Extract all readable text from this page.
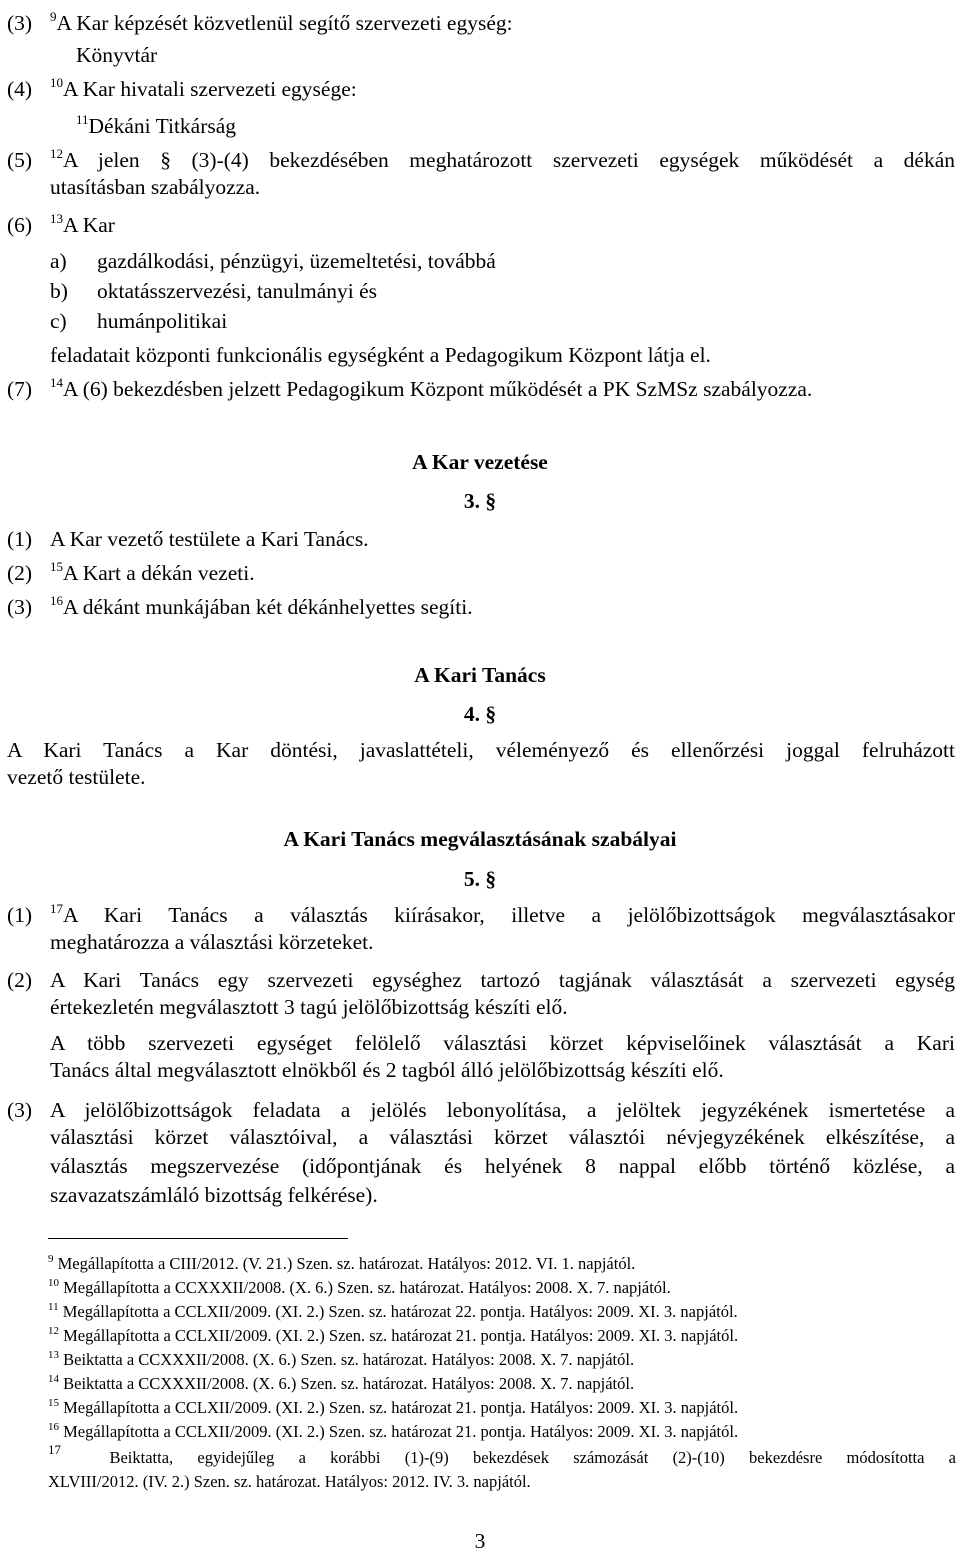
(3) $^9$A Kar képzését közvetlenül segítő szervezeti egység:
Könyvtár
(4) $^{10}$A Kar hivatali szervezeti egysége:
$^{11}$Dékáni Titkárság
(5) $^{12}$A jelen § (3)-(4) bekezdésében meghatározott szervezeti egységek működését a dékán
utasításban szabályozza.
(6) $^{13}$A Kar
a) gazdálkodási, pénzügyi, üzemeltetési, továbbá
b) oktatásszervezési, tanulmányi és
c) humánpolitikai
feladatait központi funkcionális egységként a Pedagogikum Központ látja el.
(7) $^{14}$A (6) bekezdésben jelzett Pedagogikum Központ működését a PK SzMSz szabályozza.
A Kar vezetése
3. §
(1) A Kar vezető testülete a Kari Tanács.
(2) $^{15}$A Kart a dékán vezeti.
(3) $^{16}$A dékánt munkájában két dékánhelyettes segíti.
A Kari Tanács
4. §
A Kari Tanács a Kar döntési, javaslattételi, véleményező és ellenőrzési joggal felruházott
vezető testülete.
A Kari Tanács megválasztásának szabályai
5. §
(1) $^{17}$A Kari Tanács a választás kiírásakor, illetve a jelölőbizottságok megválasztásakor
meghatározza a választási körzeteket.
(2) A Kari Tanács egy szervezeti egységhez tartozó tagjának választását a szervezeti egység
értekezletén megválasztott 3 tagú jelölőbizottság készíti elő.
A több szervezeti egységet felölelő választási körzet képviselőinek választását a Kari
Tanács által megválasztott elnökből és 2 tagból álló jelölőbizottság készíti elő.
(3) A jelölőbizottságok feladata a jelölés lebonyolítása, a jelöltek jegyzékének ismertetése a
választási körzet választóival, a választási körzet választói névjegyzékének elkészítése, a
választás megszervezése (időpontjának és helyének 8 nappal előbb történő közlése, a
szavazatszámláló bizottság felkérése).
$^9$ Megállapította a CIII/2012. (V. 21.) Szen. sz. határozat. Hatályos: 2012. VI. 1. napjától.
$^{10}$ Megállapította a CCXXXII/2008. (X. 6.) Szen. sz. határozat. Hatályos: 2008. X. 7. napjától.
$^{11}$ Megállapította a CCLXII/2009. (XI. 2.) Szen. sz. határozat 22. pontja. Hatályos: 2009. XI. 3. napjától.
$^{12}$ Megállapította a CCLXII/2009. (XI. 2.) Szen. sz. határozat 21. pontja. Hatályos: 2009. XI. 3. napjától.
$^{13}$ Beiktatta a CCXXXII/2008. (X. 6.) Szen. sz. határozat. Hatályos: 2008. X. 7. napjától.
$^{14}$ Beiktatta a CCXXXII/2008. (X. 6.) Szen. sz. határozat. Hatályos: 2008. X. 7. napjától.
$^{15}$ Megállapította a CCLXII/2009. (XI. 2.) Szen. sz. határozat 21. pontja. Hatályos: 2009. XI. 3. napjától.
$^{16}$ Megállapította a CCLXII/2009. (XI. 2.) Szen. sz. határozat 21. pontja. Hatályos: 2009. XI. 3. napjától.
$^{17}$	Beiktatta, egyidejűleg a korábbi (1)-(9) bekezdések számozását (2)-(10) bekezdésre módosította a
XLVIII/2012. (IV. 2.) Szen. sz. határozat. Hatályos: 2012. IV. 3. napjától.
3
